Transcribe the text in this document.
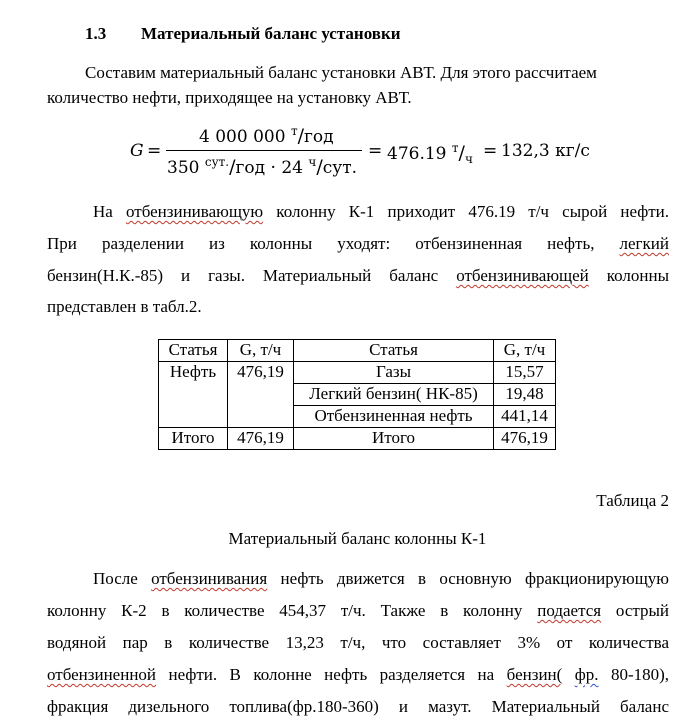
1.3 Материальный баланс установки
Составим материальный баланс установки АВТ. Для этого рассчитаем
количество нефти, приходящее на установку АВТ.
G =
4 000 000 $^т$/год
350 $^{сут.}$/год · 24 $^ч$/сут.
= 476.19 $^т/_ч = 132,3$ кг/с
На отбензинивающую колонну К-1 приходит 476.19 т/ч сырой нефти.
При разделении из колонны уходят: отбензиненная нефть, легкий
бензин(Н.К.-85) и газы. Материальный баланс отбензинивающей колонны
представлен в табл.2.
Статья	G, т/ч	Статья	G, т/ч
Нефть	476,19	Газы	15,57
		Легкий бензин( НК-85)	19,48
		Отбензиненная нефть	441,14
Итого	476,19	Итого	476,19
Таблица 2
Материальный баланс колонны К-1
После отбензинивания нефть движется в основную фракционирующую
колонну К-2 в количестве 454,37 т/ч. Также в колонну подается острый
водяной пар в количестве 13,23 т/ч, что составляет 3% от количества
отбензиненной нефти. В колонне нефть разделяется на бензин( фр. 80-180),
фракция дизельного топлива(фр.180-360) и мазут. Материальный баланс
